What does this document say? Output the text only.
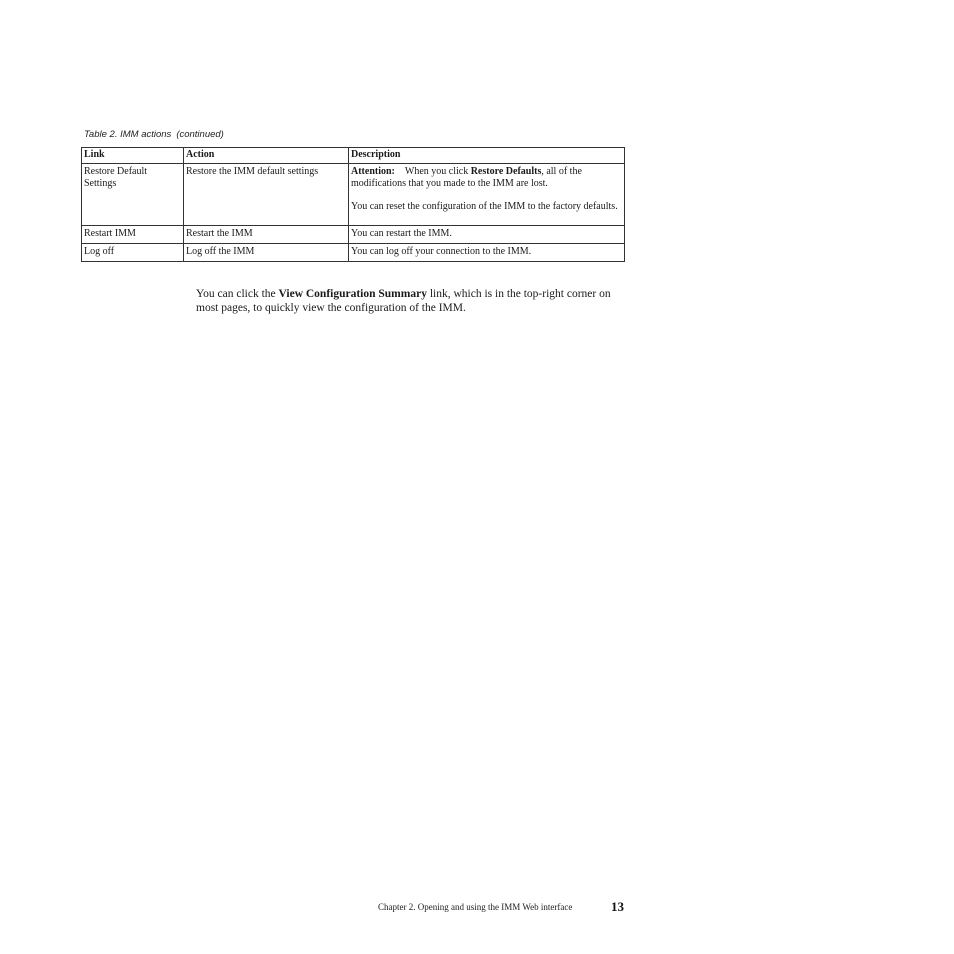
Table 2. IMM actions (continued)
Link	Action	Description
Restore Default Settings	Restore the IMM default settings	Attention: When you click Restore Defaults, all of the modifications that you made to the IMM are lost.
You can reset the configuration of the IMM to the factory defaults.

Restart IMM	Restart the IMM	You can restart the IMM.
Log off	Log off the IMM	You can log off your connection to the IMM.
You can click the View Configuration Summary link, which is in the top-right corner on most pages, to quickly view the configuration of the IMM.
Chapter 2. Opening and using the IMM Web interface	13
